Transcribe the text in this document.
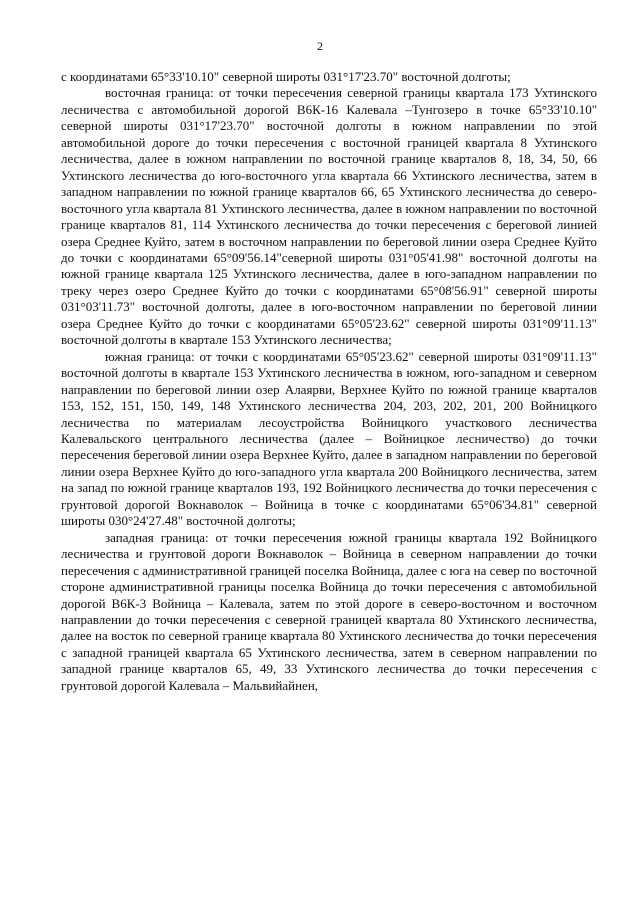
2

с координатами 65°33'10.10" северной широты 031°17'23.70" восточной долготы;

восточная граница: от точки пересечения северной границы квартала 173 Ухтинского лесничества с автомобильной дорогой В6К-16 Калевала –Тунгозеро в точке 65°33'10.10" северной широты 031°17'23.70" восточной долготы в южном направлении по этой автомобильной дороге до точки пересечения с восточной границей квартала 8 Ухтинского лесничества, далее в южном направлении по восточной границе кварталов 8, 18, 34, 50, 66 Ухтинского лесничества до юго-восточного угла квартала 66 Ухтинского лесничества, затем в западном направлении по южной границе кварталов 66, 65 Ухтинского лесничества до северо-восточного угла квартала 81 Ухтинского лесничества, далее в южном направлении по восточной границе кварталов 81, 114 Ухтинского лесничества до точки пересечения с береговой линией озера Среднее Куйто, затем в восточном направлении по береговой линии озера Среднее Куйто до точки с координатами 65°09'56.14"северной широты 031°05'41.98" восточной долготы на южной границе квартала 125 Ухтинского лесничества, далее в юго-западном направлении по треку через озеро Среднее Куйто до точки с координатами 65°08'56.91" северной широты 031°03'11.73" восточной долготы, далее в юго-восточном направлении по береговой линии озера Среднее Куйто до точки с координатами 65°05'23.62" северной широты 031°09'11.13" восточной долготы в квартале 153 Ухтинского лесничества;

южная граница: от точки с координатами 65°05'23.62" северной широты 031°09'11.13" восточной долготы в квартале 153 Ухтинского лесничества в южном, юго-западном и северном направлении по береговой линии озер Алаярви, Верхнее Куйто по южной границе кварталов 153, 152, 151, 150, 149, 148 Ухтинского лесничества 204, 203, 202, 201, 200 Войницкого лесничества по материалам лесоустройства Войницкого участкового лесничества Калевальского центрального лесничества (далее – Войницкое лесничество) до точки пересечения береговой линии озера Верхнее Куйто, далее в западном направлении по береговой линии озера Верхнее Куйто до юго-западного угла квартала 200 Войницкого лесничества, затем на запад по южной границе кварталов 193, 192 Войницкого лесничества до точки пересечения с грунтовой дорогой Вокнаволок – Войница в точке с координатами 65°06'34.81" северной широты 030°24'27.48" восточной долготы;

западная граница: от точки пересечения южной границы квартала 192 Войницкого лесничества и грунтовой дороги Вокнаволок – Войница в северном направлении до точки пересечения с административной границей поселка Войница, далее с юга на север по восточной стороне административной границы поселка Войница до точки пересечения с автомобильной дорогой В6К-3 Войница – Калевала, затем по этой дороге в северо-восточном и восточном направлении до точки пересечения с северной границей квартала 80 Ухтинского лесничества, далее на восток по северной границе квартала 80 Ухтинского лесничества до точки пересечения с западной границей квартала 65 Ухтинского лесничества, затем в северном направлении по западной границе кварталов 65, 49, 33 Ухтинского лесничества до точки пересечения с грунтовой дорогой Калевала – Мальвийайнен,
